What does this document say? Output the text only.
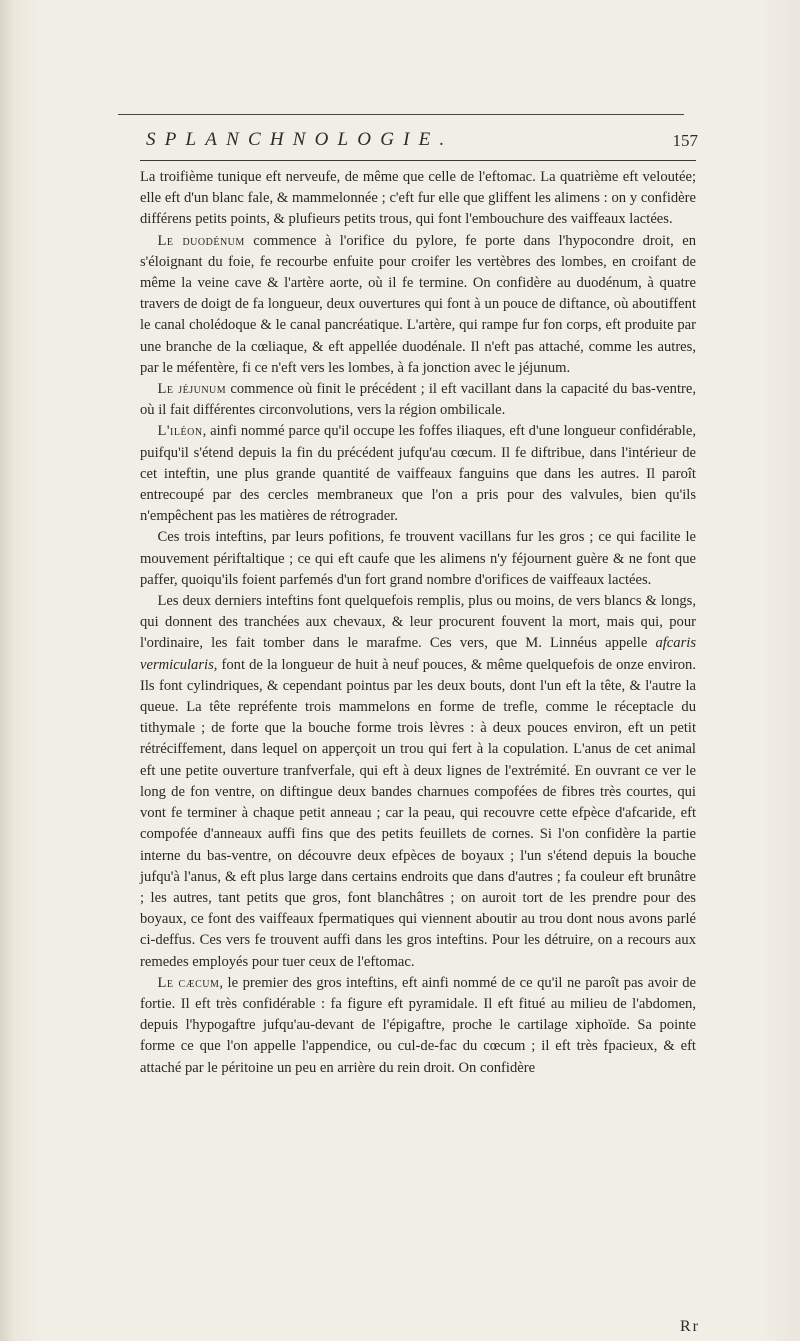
SPLANCHNOLOGIE.	157

La troifième tunique eft nerveufe, de même que celle de l'eftomac. La quatrième eft veloutée; elle eft d'un blanc fale, & mammelonnée ; c'eft fur elle que gliffent les alimens : on y confidère différens petits points, & plufieurs petits trous, qui font l'embouchure des vaiffeaux lactées.

Le duodénum commence à l'orifice du pylore, fe porte dans l'hypocondre droit, en s'éloignant du foie, fe recourbe enfuite pour croifer les vertèbres des lombes, en croifant de même la veine cave & l'artère aorte, où il fe termine. On confidère au duodénum, à quatre travers de doigt de fa longueur, deux ouvertures qui font à un pouce de diftance, où aboutiffent le canal cholédoque & le canal pancréatique. L'artère, qui rampe fur fon corps, eft produite par une branche de la cœliaque, & eft appellée duodénale. Il n'eft pas attaché, comme les autres, par le méfentère, fi ce n'eft vers les lombes, à fa jonction avec le jéjunum.

Le jéjunum commence où finit le précédent ; il eft vacillant dans la capacité du bas-ventre, où il fait différentes circonvolutions, vers la région ombilicale.

L'iléon, ainfi nommé parce qu'il occupe les foffes iliaques, eft d'une longueur confidérable, puifqu'il s'étend depuis la fin du précédent jufqu'au cœcum. Il fe diftribue, dans l'intérieur de cet inteftin, une plus grande quantité de vaiffeaux fanguins que dans les autres. Il paroît entrecoupé par des cercles membraneux que l'on a pris pour des valvules, bien qu'ils n'empêchent pas les matières de rétrograder.

Ces trois inteftins, par leurs pofitions, fe trouvent vacillans fur les gros ; ce qui facilite le mouvement périftaltique ; ce qui eft caufe que les alimens n'y féjournent guère & ne font que paffer, quoiqu'ils foient parfemés d'un fort grand nombre d'orifices de vaiffeaux lactées.

Les deux derniers inteftins font quelquefois remplis, plus ou moins, de vers blancs & longs, qui donnent des tranchées aux chevaux, & leur procurent fouvent la mort, mais qui, pour l'ordinaire, les fait tomber dans le marafme. Ces vers, que M. Linnéus appelle afcaris vermicularis, font de la longueur de huit à neuf pouces, & même quelquefois de onze environ. Ils font cylindriques, & cependant pointus par les deux bouts, dont l'un eft la tête, & l'autre la queue. La tête repréfente trois mammelons en forme de trefle, comme le réceptacle du tithymale ; de forte que la bouche forme trois lèvres : à deux pouces environ, eft un petit rétréciffement, dans lequel on apperçoit un trou qui fert à la copulation. L'anus de cet animal eft une petite ouverture tranfverfale, qui eft à deux lignes de l'extrémité. En ouvrant ce ver le long de fon ventre, on diftingue deux bandes charnues compofées de fibres très courtes, qui vont fe terminer à chaque petit anneau ; car la peau, qui recouvre cette efpèce d'afcaride, eft compofée d'anneaux auffi fins que des petits feuillets de cornes. Si l'on confidère la partie interne du bas-ventre, on découvre deux efpèces de boyaux ; l'un s'étend depuis la bouche jufqu'à l'anus, & eft plus large dans certains endroits que dans d'autres ; fa couleur eft brunâtre ; les autres, tant petits que gros, font blanchâtres ; on auroit tort de les prendre pour des boyaux, ce font des vaiffeaux fpermatiques qui viennent aboutir au trou dont nous avons parlé ci-deffus. Ces vers fe trouvent auffi dans les gros inteftins. Pour les détruire, on a recours aux remedes employés pour tuer ceux de l'eftomac.

Le cæcum, le premier des gros inteftins, eft ainfi nommé de ce qu'il ne paroît pas avoir de fortie. Il eft très confidérable : fa figure eft pyramidale. Il eft fitué au milieu de l'abdomen, depuis l'hypogaftre jufqu'au-devant de l'épigaftre, proche le cartilage xiphoïde. Sa pointe forme ce que l'on appelle l'appendice, ou cul-de-fac du cœcum ; il eft très fpacieux, & eft attaché par le péritoine un peu en arrière du rein droit. On confidère

Rr
